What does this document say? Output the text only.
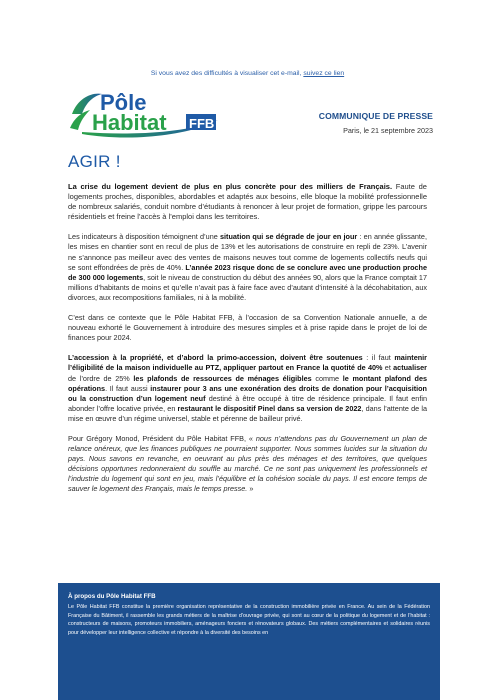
Si vous avez des difficultés à visualiser cet e-mail, suivez ce lien
Pôle
Habitat FFB	COMMUNIQUE DE PRESSE
Paris, le 21 septembre 2023
AGIR !

La crise du logement devient de plus en plus concrète pour des milliers de Français. Faute de logements proches, disponibles, abordables et adaptés aux besoins, elle bloque la mobilité professionnelle de nombreux salariés, conduit nombre d’étudiants à renoncer à leur projet de formation, grippe les parcours résidentiels et freine l’accès à l’emploi dans les territoires.

Les indicateurs à disposition témoignent d’une situation qui se dégrade de jour en jour : en année glissante, les mises en chantier sont en recul de plus de 13% et les autorisations de construire en repli de 23%. L’avenir ne s’annonce pas meilleur avec des ventes de maisons neuves tout comme de logements collectifs neufs qui se sont effondrées de près de 40%. L’année 2023 risque donc de se conclure avec une production proche de 300 000 logements, soit le niveau de construction du début des années 90, alors que la France comptait 17 millions d’habitants de moins et qu’elle n’avait pas à faire face avec d’autant d’intensité à la décohabitation, aux divorces, aux recompositions familiales, ni à la mobilité.

C’est dans ce contexte que le Pôle Habitat FFB, à l’occasion de sa Convention Nationale annuelle, a de nouveau exhorté le Gouvernement à introduire des mesures simples et à prise rapide dans le projet de loi de finances pour 2024.

L’accession à la propriété, et d’abord la primo-accession, doivent être soutenues : il faut maintenir l’éligibilité de la maison individuelle au PTZ, appliquer partout en France la quotité de 40% et actualiser de l’ordre de 25% les plafonds de ressources de ménages éligibles comme le montant plafond des opérations. Il faut aussi instaurer pour 3 ans une exonération des droits de donation pour l’acquisition ou la construction d’un logement neuf destiné à être occupé à titre de résidence principale. Il faut enfin abonder l’offre locative privée, en restaurant le dispositif Pinel dans sa version de 2022, dans l’attente de la mise en œuvre d’un régime universel, stable et pérenne de bailleur privé.

Pour Grégory Monod, Président du Pôle Habitat FFB, « nous n’attendons pas du Gouvernement un plan de relance onéreux, que les finances publiques ne pourraient supporter. Nous sommes lucides sur la situation du pays. Nous savons en revanche, en oeuvrant au plus près des ménages et des territoires, que quelques décisions opportunes redonneraient du souffle au marché. Ce ne sont pas uniquement les professionnels et l’industrie du logement qui sont en jeu, mais l’équilibre et la cohésion sociale du pays. Il est encore temps de sauver le logement des Français, mais le temps presse. »

À propos du Pôle Habitat FFB
Le Pôle Habitat FFB constitue la première organisation représentative de la construction immobilière privée en France. Au sein de la Fédération Française du Bâtiment, il rassemble les grands métiers de la maîtrise d’ouvrage privée, qui sont au cœur de la politique du logement et de l’habitat : constructeurs de maisons, promoteurs immobiliers, aménageurs fonciers et rénovateurs globaux. Des métiers complémentaires et solidaires réunis pour développer leur intelligence collective et répondre à la diversité des besoins en
